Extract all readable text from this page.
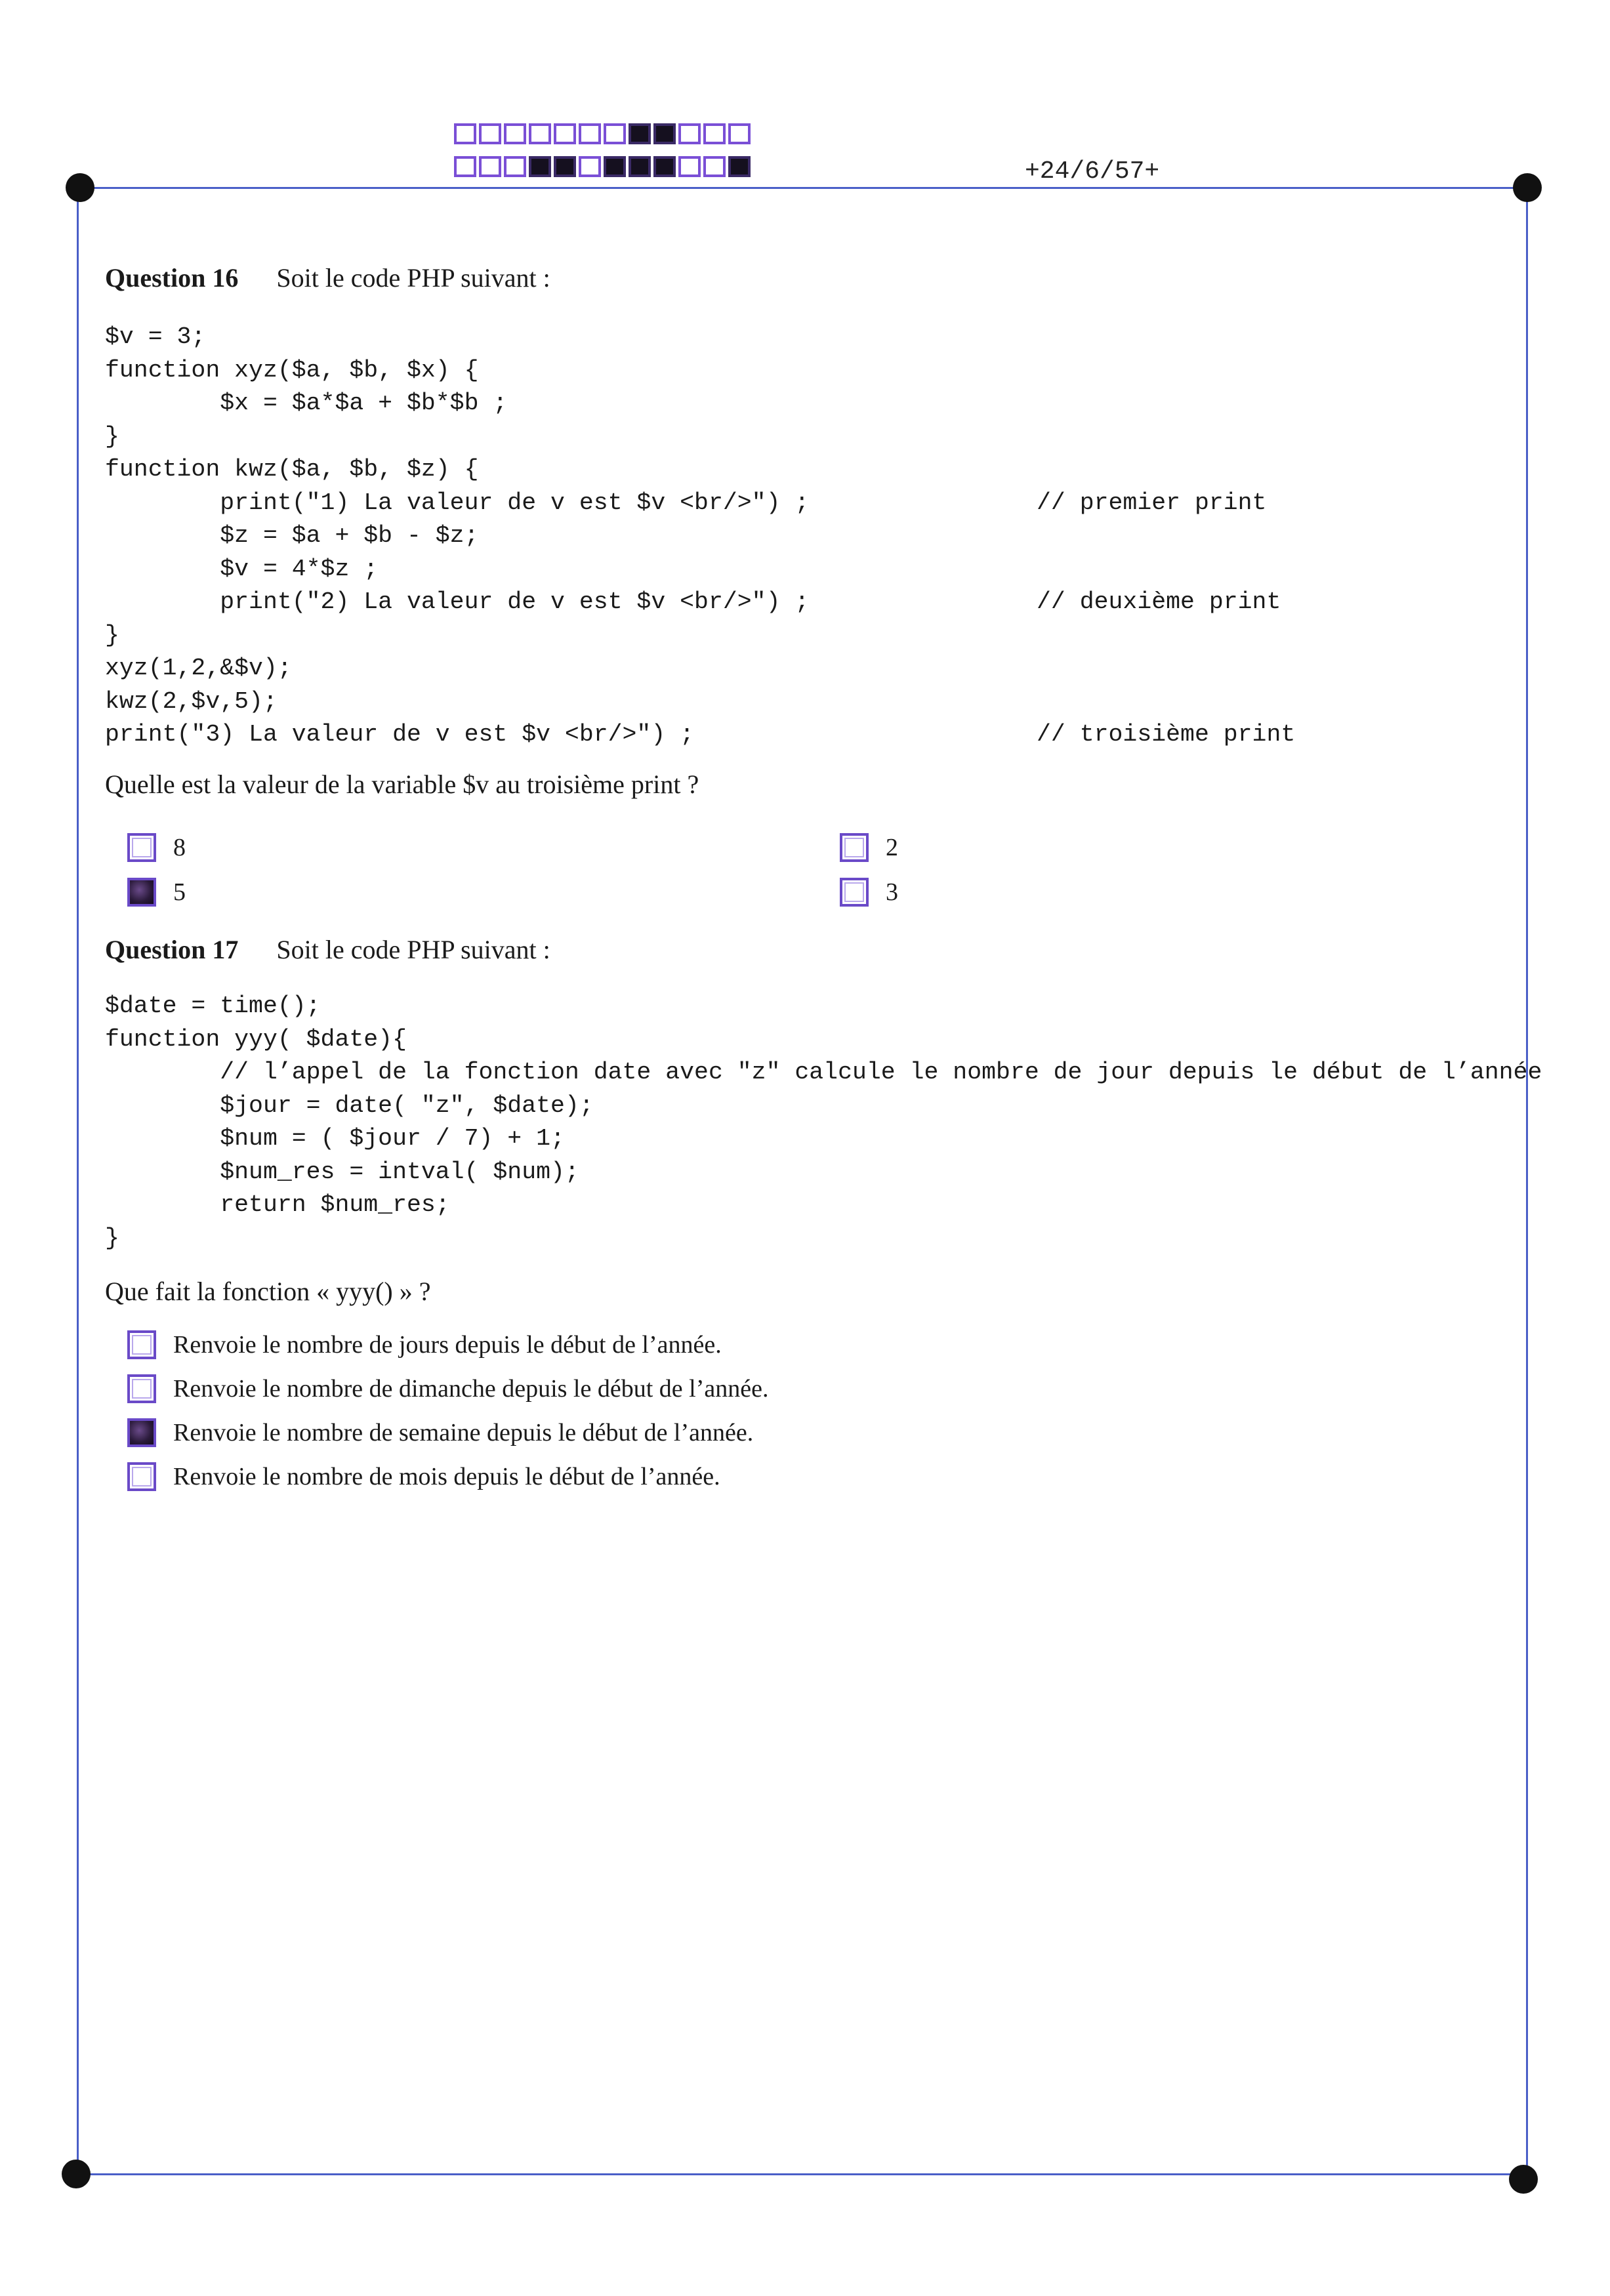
+24/6/57+
Question 16 Soit le code PHP suivant :
$v = 3;
function xyz($a, $b, $x) {
$x = $a*$a + $b*$b ;
}
function kwz($a, $b, $z) {
print("1) La valeur de v est $v <br/>") ;	// premier print
$z = $a + $b - $z;
$v = 4*$z ;
print("2) La valeur de v est $v <br/>") ;	// deuxième print
}
xyz(1,2,&$v);
kwz(2,$v,5);
print("3) La valeur de v est $v <br/>") ;	// troisième print
Quelle est la valeur de la variable $v au troisième print ?
8	2
5	3
Question 17 Soit le code PHP suivant :
$date = time();
function yyy( $date){
// l’appel de la fonction date avec "z" calcule le nombre de jour depuis le début de l’année
$jour = date( "z", $date);
$num = ( $jour / 7) + 1;
$num_res = intval( $num);
return $num_res;
}
Que fait la fonction « yyy() » ?
Renvoie le nombre de jours depuis le début de l’année.
Renvoie le nombre de dimanche depuis le début de l’année.
Renvoie le nombre de semaine depuis le début de l’année.
Renvoie le nombre de mois depuis le début de l’année.
